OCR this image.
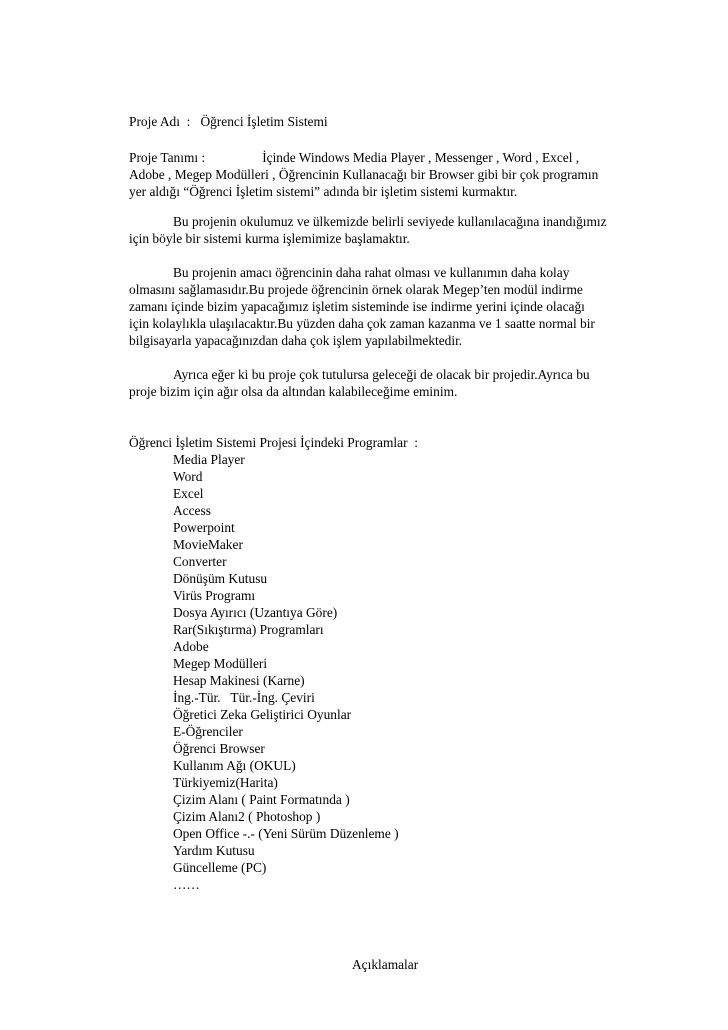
Proje Adı  : Öğrenci İşletim Sistemi
Proje Tanımı :	İçinde Windows Media Player , Messenger , Word , Excel ,
Adobe , Megep Modülleri , Öğrencinin Kullanacağı bir Browser gibi bir çok programın
yer aldığı “Öğrenci İşletim sistemi” adında bir işletim sistemi kurmaktır.
Bu projenin okulumuz ve ülkemizde belirli seviyede kullanılacağına inandığımız
için böyle bir sistemi kurma işlemimize başlamaktır.
Bu projenin amacı öğrencinin daha rahat olması ve kullanımın daha kolay
olmasını sağlamasıdır.Bu projede öğrencinin örnek olarak Megep’ten modül indirme
zamanı içinde bizim yapacağımız işletim sisteminde ise indirme yerini içinde olacağı
için kolaylıkla ulaşılacaktır.Bu yüzden daha çok zaman kazanma ve 1 saatte normal bir
bilgisayarla yapacağınızdan daha çok işlem yapılabilmektedir.
Ayrıca eğer ki bu proje çok tutulursa geleceği de olacak bir projedir.Ayrıca bu
proje bizim için ağır olsa da altından kalabileceğime eminim.
Öğrenci İşletim Sistemi Projesi İçindeki Programlar  :
Media Player
Word
Excel
Access
Powerpoint
MovieMaker
Converter
Dönüşüm Kutusu
Virüs Programı
Dosya Ayırıcı (Uzantıya Göre)
Rar(Sıkıştırma) Programları
Adobe
Megep Modülleri
Hesap Makinesi (Karne)
İng.-Tür.   Tür.-İng. Çeviri
Öğretici Zeka Geliştirici Oyunlar
E-Öğrenciler
Öğrenci Browser
Kullanım Ağı (OKUL)
Türkiyemiz(Harita)
Çizim Alanı ( Paint Formatında )
Çizim Alanı2 ( Photoshop )
Open Office -.- (Yeni Sürüm Düzenleme )
Yardım Kutusu
Güncelleme (PC)
……
Açıklamalar
